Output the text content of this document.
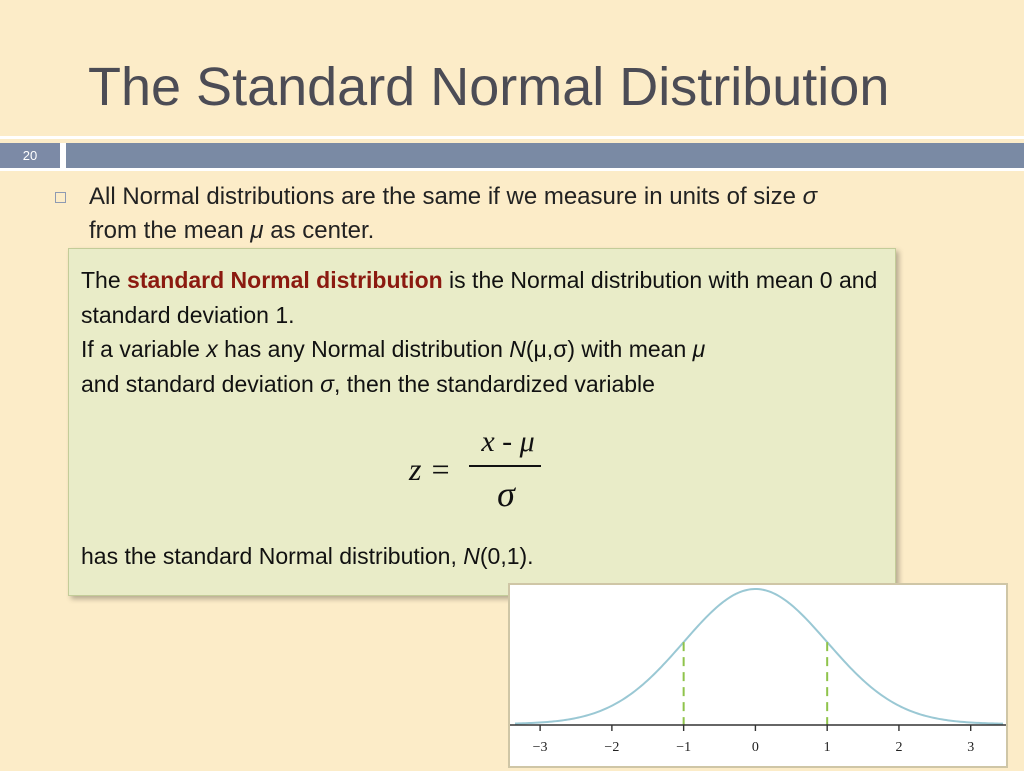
The Standard Normal Distribution
20
All Normal distributions are the same if we measure in units of size σ
from the mean μ as center.
The standard Normal distribution is the Normal distribution with mean 0 and standard deviation 1.
If a variable x has any Normal distribution N(μ,σ) with mean μ
and standard deviation σ, then the standardized variable
z =
x - μ
σ
has the standard Normal distribution, N(0,1).
−3	−2	−1	0	1	2	3
